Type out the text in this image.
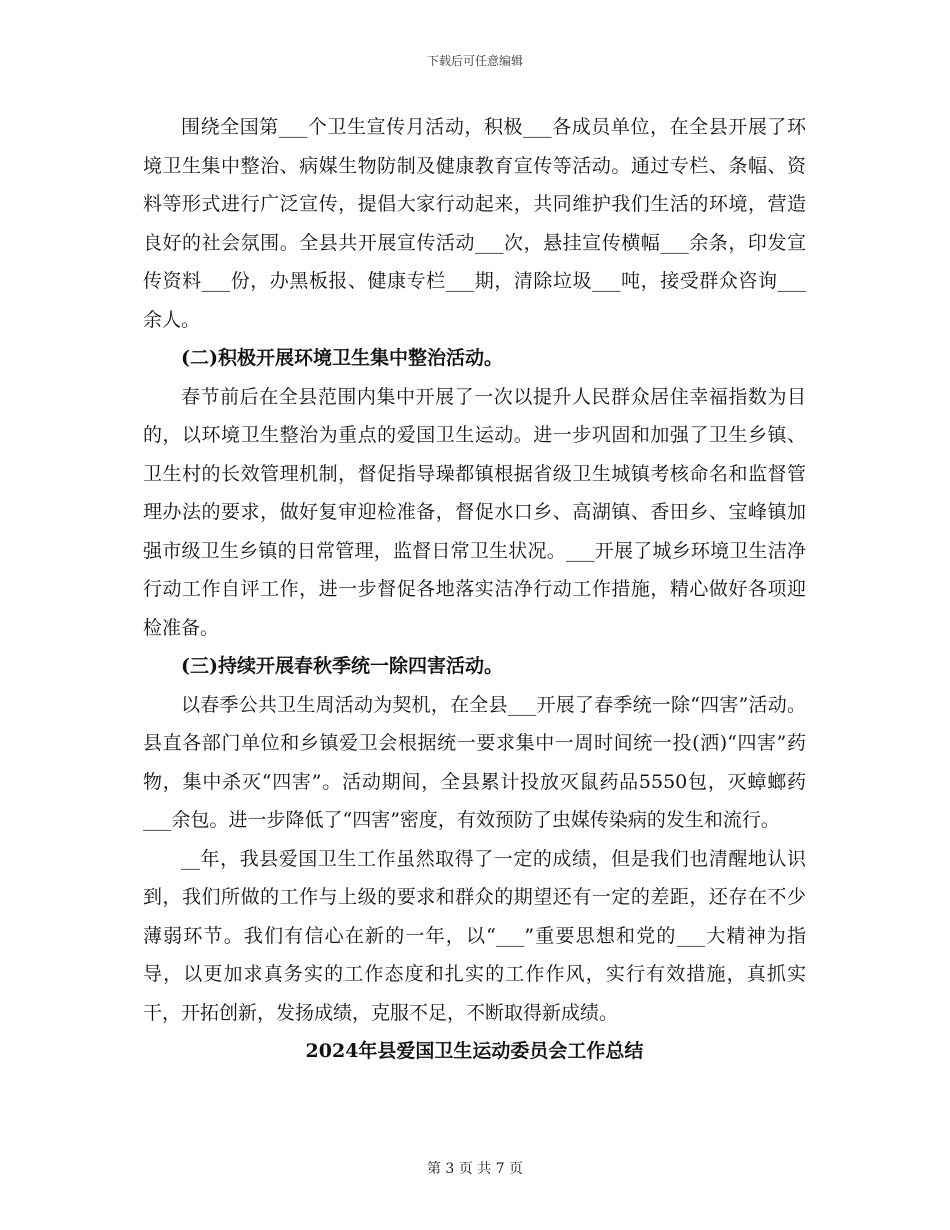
下载后可任意编辑

围绕全国第___个卫生宣传月活动，积极___各成员单位，在全县开展了环境卫生集中整治、病媒生物防制及健康教育宣传等活动。通过专栏、条幅、资料等形式进行广泛宣传，提倡大家行动起来，共同维护我们生活的环境，营造良好的社会氛围。全县共开展宣传活动___次，悬挂宣传横幅___余条，印发宣传资料___份，办黑板报、健康专栏___期，清除垃圾___吨，接受群众咨询___余人。

(二)积极开展环境卫生集中整治活动。

春节前后在全县范围内集中开展了一次以提升人民群众居住幸福指数为目的，以环境卫生整治为重点的爱国卫生运动。进一步巩固和加强了卫生乡镇、卫生村的长效管理机制，督促指导璪都镇根据省级卫生城镇考核命名和监督管理办法的要求，做好复审迎检准备，督促水口乡、高湖镇、香田乡、宝峰镇加强市级卫生乡镇的日常管理，监督日常卫生状况。___开展了城乡环境卫生洁净行动工作自评工作，进一步督促各地落实洁净行动工作措施，精心做好各项迎检准备。

(三)持续开展春秋季统一除四害活动。

以春季公共卫生周活动为契机，在全县___开展了春季统一除“四害”活动。县直各部门单位和乡镇爱卫会根据统一要求集中一周时间统一投(洒)“四害”药物，集中杀灭“四害”。活动期间，全县累计投放灭鼠药品5550包，灭蟑螂药___余包。进一步降低了“四害”密度，有效预防了虫媒传染病的发生和流行。

__年，我县爱国卫生工作虽然取得了一定的成绩，但是我们也清醒地认识到，我们所做的工作与上级的要求和群众的期望还有一定的差距，还存在不少薄弱环节。我们有信心在新的一年，以“___”重要思想和党的___大精神为指导，以更加求真务实的工作态度和扎实的工作作风，实行有效措施，真抓实干，开拓创新，发扬成绩，克服不足，不断取得新成绩。

2024年县爱国卫生运动委员会工作总结

第 3 页 共 7 页
